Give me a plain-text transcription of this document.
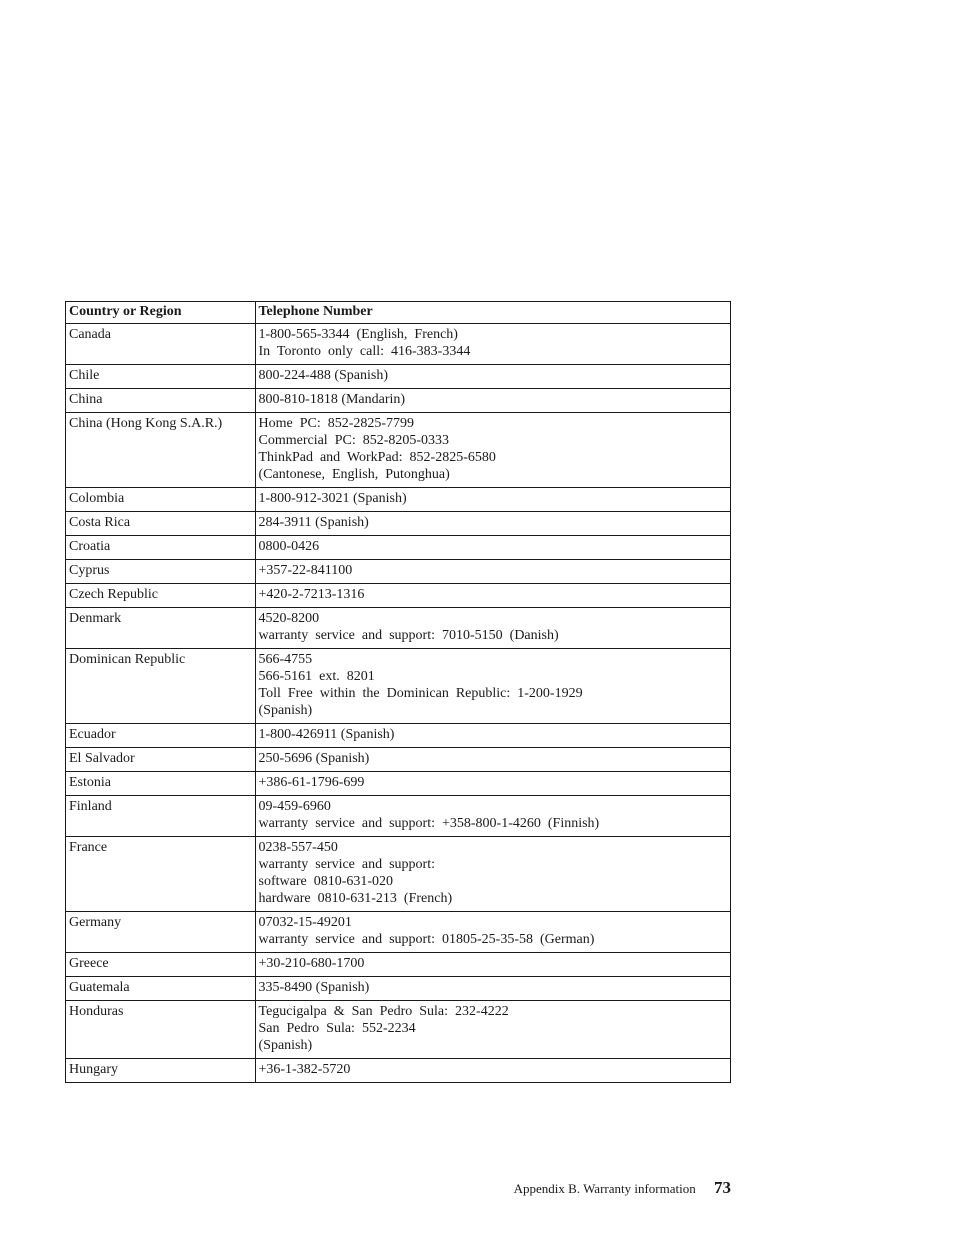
Country or Region	Telephone Number
Canada	1-800-565-3344  (English,  French)
In  Toronto  only  call:  416-383-3344

Chile	800-224-488 (Spanish)

China	800-810-1818 (Mandarin)

China (Hong Kong S.A.R.)	Home  PC:  852-2825-7799
Commercial  PC:  852-8205-0333
ThinkPad  and  WorkPad:  852-2825-6580
(Cantonese,  English,  Putonghua)

Colombia	1-800-912-3021 (Spanish)

Costa Rica	284-3911 (Spanish)

Croatia	0800-0426

Cyprus	+357-22-841100

Czech Republic	+420-2-7213-1316

Denmark	4520-8200
warranty  service  and  support:  7010-5150  (Danish)

Dominican Republic	566-4755
566-5161  ext.  8201
Toll  Free  within  the  Dominican  Republic:  1-200-1929
(Spanish)

Ecuador	1-800-426911 (Spanish)

El Salvador	250-5696 (Spanish)

Estonia	+386-61-1796-699

Finland	09-459-6960
warranty  service  and  support:  +358-800-1-4260  (Finnish)

France	0238-557-450
warranty  service  and  support:
software  0810-631-020
hardware  0810-631-213  (French)

Germany	07032-15-49201
warranty  service  and  support:  01805-25-35-58  (German)

Greece	+30-210-680-1700

Guatemala	335-8490 (Spanish)

Honduras	Tegucigalpa  &  San  Pedro  Sula:  232-4222
San  Pedro  Sula:  552-2234
(Spanish)

Hungary	+36-1-382-5720
Appendix B. Warranty information 73
